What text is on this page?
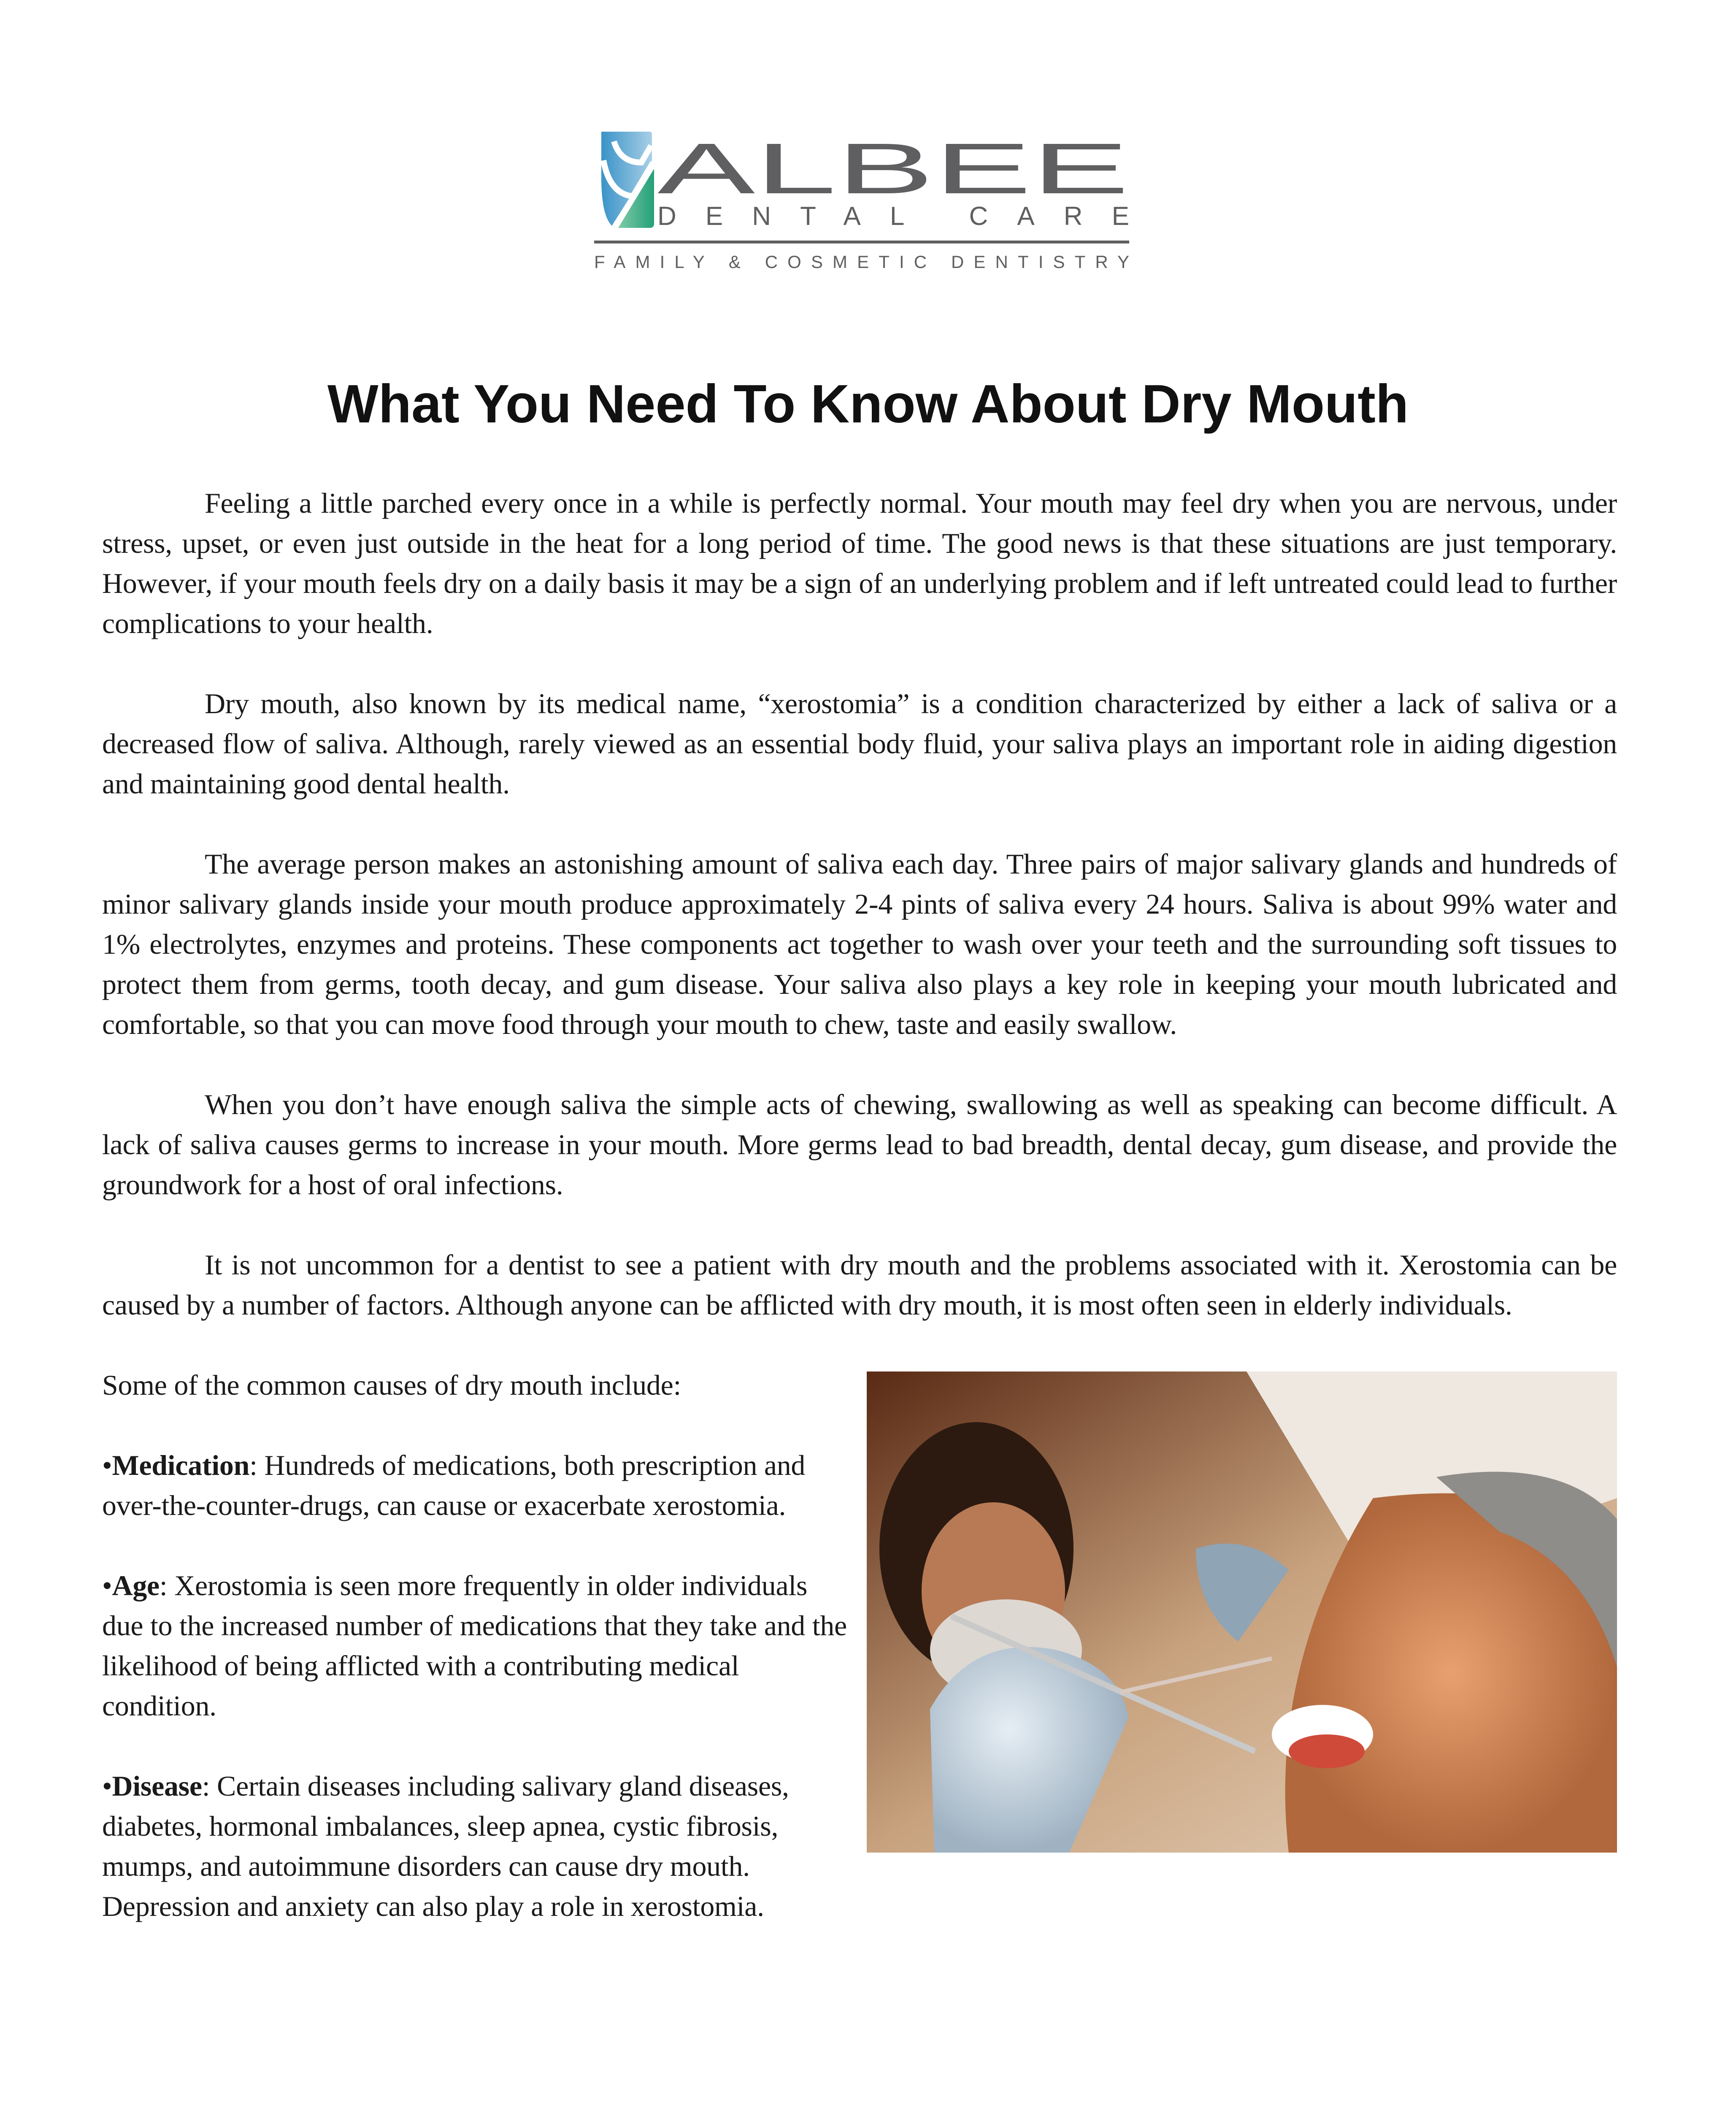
ALBEE
DENTAL CARE
FAMILY & COSMETIC DENTISTRY
What You Need To Know About Dry Mouth

Feeling a little parched every once in a while is perfectly normal. Your mouth may feel dry when you are nervous, under stress, upset, or even just outside in the heat for a long period of time. The good news is that these situations are just temporary. However, if your mouth feels dry on a daily basis it may be a sign of an underlying problem and if left untreated could lead to further complications to your health.

Dry mouth, also known by its medical name, “xerostomia” is a condition characterized by either a lack of saliva or a decreased flow of saliva. Although, rarely viewed as an essential body fluid, your saliva plays an important role in aiding digestion and maintaining good dental health.

The average person makes an astonishing amount of saliva each day. Three pairs of major salivary glands and hundreds of minor salivary glands inside your mouth produce approximately 2-4 pints of saliva every 24 hours. Saliva is about 99% water and 1% electrolytes, enzymes and proteins. These components act together to wash over your teeth and the surrounding soft tissues to protect them from germs, tooth decay, and gum disease. Your saliva also plays a key role in keeping your mouth lubricated and comfortable, so that you can move food through your mouth to chew, taste and easily swallow.

When you don’t have enough saliva the simple acts of chewing, swallowing as well as speaking can become difficult. A lack of saliva causes germs to increase in your mouth. More germs lead to bad breadth, dental decay, gum disease, and provide the groundwork for a host of oral infections.

It is not uncommon for a dentist to see a patient with dry mouth and the problems associated with it. Xerostomia can be caused by a number of factors. Although anyone can be afflicted with dry mouth, it is most often seen in elderly individuals.

Some of the common causes of dry mouth include:

•Medication: Hundreds of medications, both prescription and over-the-counter-drugs, can cause or exacerbate xerostomia.

•Age: Xerostomia is seen more frequently in older individuals due to the increased number of medications that they take and the likelihood of being afflicted with a contributing medical condition.

•Disease: Certain diseases including salivary gland diseases, diabetes, hormonal imbalances, sleep apnea, cystic fibrosis, mumps, and autoimmune disorders can cause dry mouth. Depression and anxiety can also play a role in xerostomia.
